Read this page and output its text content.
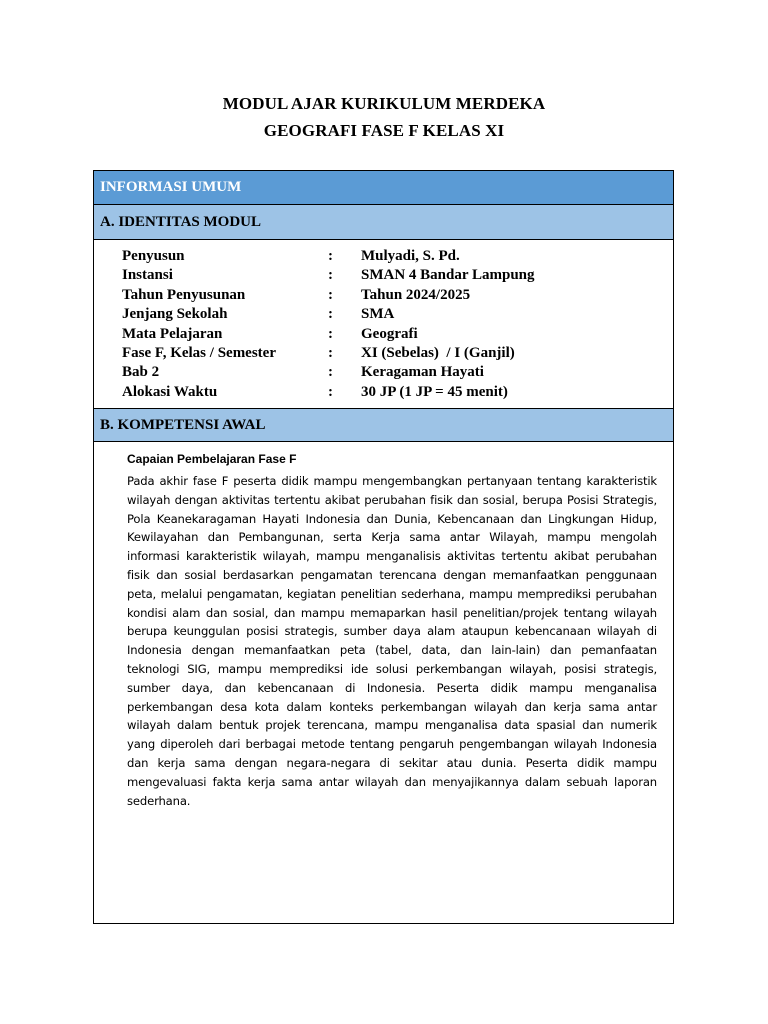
MODUL AJAR KURIKULUM MERDEKA
GEOGRAFI FASE F KELAS XI
INFORMASI UMUM
A. IDENTITAS MODUL
Penyusun	: Mulyadi, S. Pd.
Instansi	: SMAN 4 Bandar Lampung
Tahun Penyusunan	: Tahun 2024/2025
Jenjang Sekolah	: SMA
Mata Pelajaran	: Geografi
Fase F, Kelas / Semester	: XI (Sebelas)  / I (Ganjil)
Bab 2	: Keragaman Hayati
Alokasi Waktu	: 30 JP (1 JP = 45 menit)
B. KOMPETENSI AWAL
Capaian Pembelajaran Fase F
Pada akhir fase F peserta didik mampu mengembangkan pertanyaan tentang karakteristik wilayah dengan aktivitas tertentu akibat perubahan fisik dan sosial, berupa Posisi Strategis, Pola Keanekaragaman Hayati Indonesia dan Dunia, Kebencanaan dan Lingkungan Hidup, Kewilayahan dan Pembangunan, serta Kerja sama antar Wilayah, mampu mengolah informasi karakteristik wilayah, mampu menganalisis aktivitas tertentu akibat perubahan fisik dan sosial berdasarkan pengamatan terencana dengan memanfaatkan penggunaan peta, melalui pengamatan, kegiatan penelitian sederhana, mampu memprediksi perubahan kondisi alam dan sosial, dan mampu memaparkan hasil penelitian/projek tentang wilayah berupa keunggulan posisi strategis, sumber daya alam ataupun kebencanaan wilayah di Indonesia dengan memanfaatkan peta (tabel, data, dan lain-lain) dan pemanfaatan teknologi SIG, mampu memprediksi ide solusi perkembangan wilayah, posisi strategis, sumber daya, dan kebencanaan di Indonesia. Peserta didik mampu menganalisa perkembangan desa kota dalam konteks perkembangan wilayah dan kerja sama antar wilayah dalam bentuk projek terencana, mampu menganalisa data spasial dan numerik yang diperoleh dari berbagai metode tentang pengaruh pengembangan wilayah Indonesia dan kerja sama dengan negara-negara di sekitar atau dunia. Peserta didik mampu mengevaluasi fakta kerja sama antar wilayah dan menyajikannya dalam sebuah laporan sederhana.
